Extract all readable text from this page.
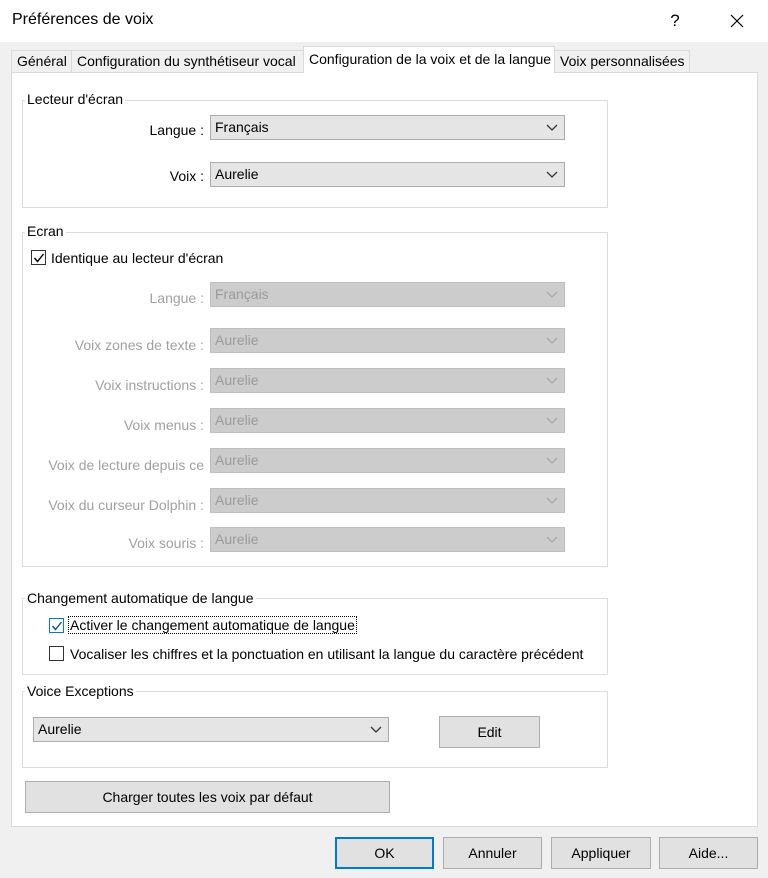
Préférences de voix	?
Général Configuration du synthétiseur vocal Configuration de la voix et de la langue Voix personnalisées
Lecteur d'écran
Langue : Français
Voix : Aurelie
Ecran
Identique au lecteur d'écran
Langue : Français
Voix zones de texte : Aurelie
Voix instructions : Aurelie
Voix menus : Aurelie
Voix de lecture depuis ce Aurelie
Voix du curseur Dolphin : Aurelie
Voix souris : Aurelie
Changement automatique de langue
Activer le changement automatique de langue
Vocaliser les chiffres et la ponctuation en utilisant la langue du caractère précédent
Voice Exceptions
Aurelie	Edit
Charger toutes les voix par défaut
OK	Annuler	Appliquer	Aide...
